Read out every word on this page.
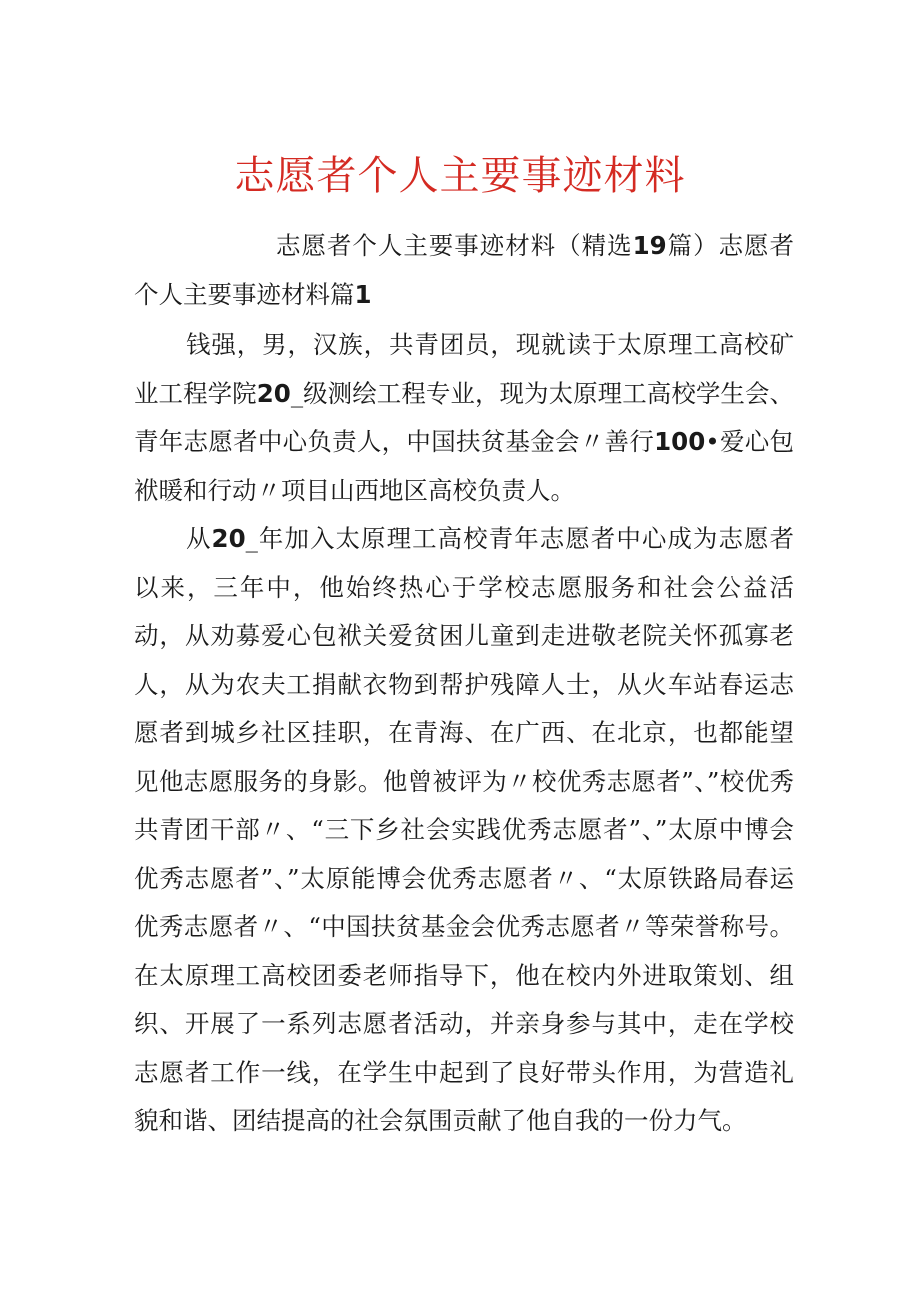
志愿者个人主要事迹材料

志愿者个人主要事迹材料（精选19篇）志愿者个人主要事迹材料篇1

钱强，男，汉族，共青团员，现就读于太原理工高校矿业工程学院20_级测绘工程专业，现为太原理工高校学生会、青年志愿者中心负责人，中国扶贫基金会〃善行100•爱心包袱暖和行动〃项目山西地区高校负责人。

从20_年加入太原理工高校青年志愿者中心成为志愿者以来，三年中，他始终热心于学校志愿服务和社会公益活动，从劝募爱心包袱关爱贫困儿童到走进敬老院关怀孤寡老人，从为农夫工捐献衣物到帮护残障人士，从火车站春运志愿者到城乡社区挂职，在青海、在广西、在北京，也都能望见他志愿服务的身影。他曾被评为〃校优秀志愿者”、”校优秀共青团干部〃、“三下乡社会实践优秀志愿者”、”太原中博会优秀志愿者”、”太原能博会优秀志愿者〃、“太原铁路局春运优秀志愿者〃、“中国扶贫基金会优秀志愿者〃等荣誉称号。在太原理工高校团委老师指导下，他在校内外进取策划、组织、开展了一系列志愿者活动，并亲身参与其中，走在学校志愿者工作一线，在学生中起到了良好带头作用，为营造礼貌和谐、团结提高的社会氛围贡献了他自我的一份力气。
